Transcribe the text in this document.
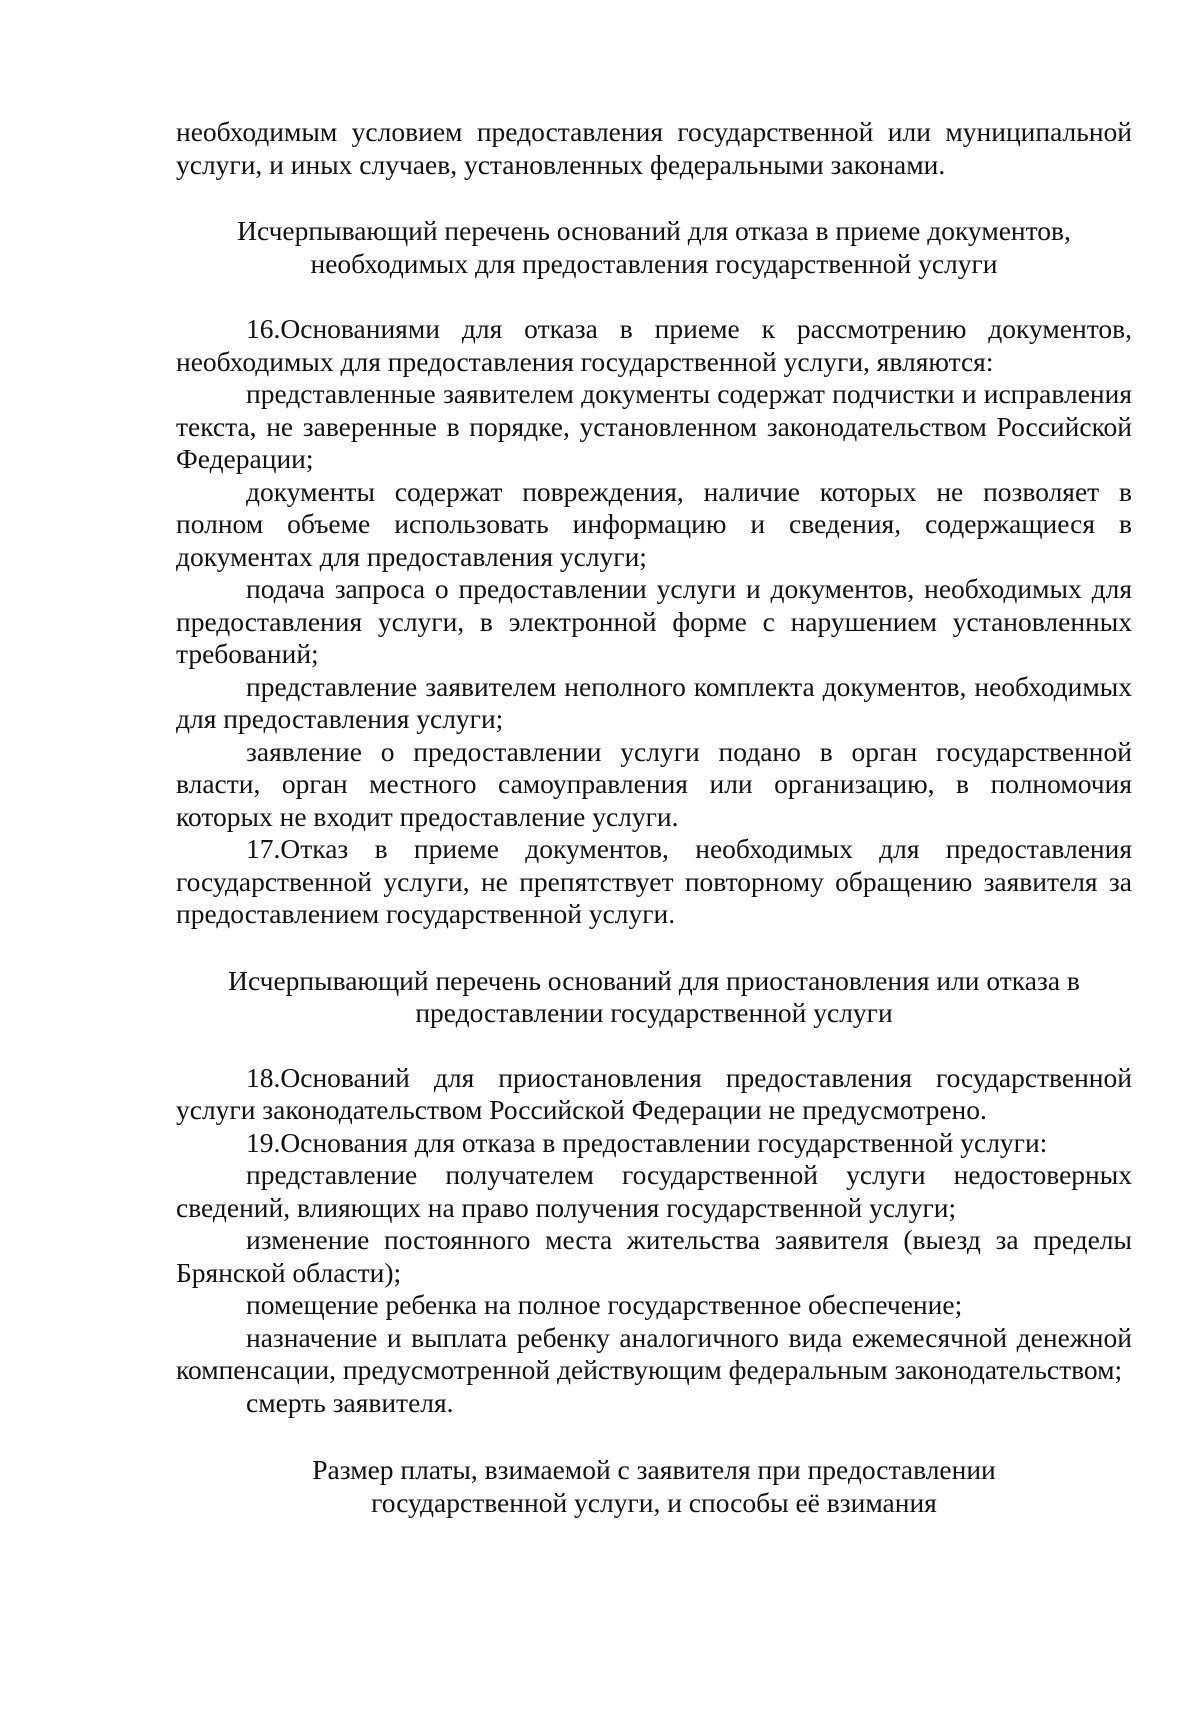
необходимым условием предоставления государственной или муниципальной услуги, и иных случаев, установленных федеральными законами.

Исчерпывающий перечень оснований для отказа в приеме документов,

необходимых для предоставления государственной услуги

16.Основаниями для отказа в приеме к рассмотрению документов, необходимых для предоставления государственной услуги, являются:

представленные заявителем документы содержат подчистки и исправления текста, не заверенные в порядке, установленном законодательством Российской Федерации;

документы содержат повреждения, наличие которых не позволяет в полном объеме использовать информацию и сведения, содержащиеся в документах для предоставления услуги;

подача запроса о предоставлении услуги и документов, необходимых для предоставления услуги, в электронной форме с нарушением установленных требований;

представление заявителем неполного комплекта документов, необходимых для предоставления услуги;

заявление о предоставлении услуги подано в орган государственной власти, орган местного самоуправления или организацию, в полномочия которых не входит предоставление услуги.

17.Отказ в приеме документов, необходимых для предоставления государственной услуги, не препятствует повторному обращению заявителя за предоставлением государственной услуги.

Исчерпывающий перечень оснований для приостановления или отказа в

предоставлении государственной услуги

18.Оснований для приостановления предоставления государственной услуги законодательством Российской Федерации не предусмотрено.

19.Основания для отказа в предоставлении государственной услуги:

представление получателем государственной услуги недостоверных сведений, влияющих на право получения государственной услуги;

изменение постоянного места жительства заявителя (выезд за пределы Брянской области);

помещение ребенка на полное государственное обеспечение;

назначение и выплата ребенку аналогичного вида ежемесячной денежной компенсации, предусмотренной действующим федеральным законодательством;

смерть заявителя.

Размер платы, взимаемой с заявителя при предоставлении

государственной услуги, и способы её взимания
